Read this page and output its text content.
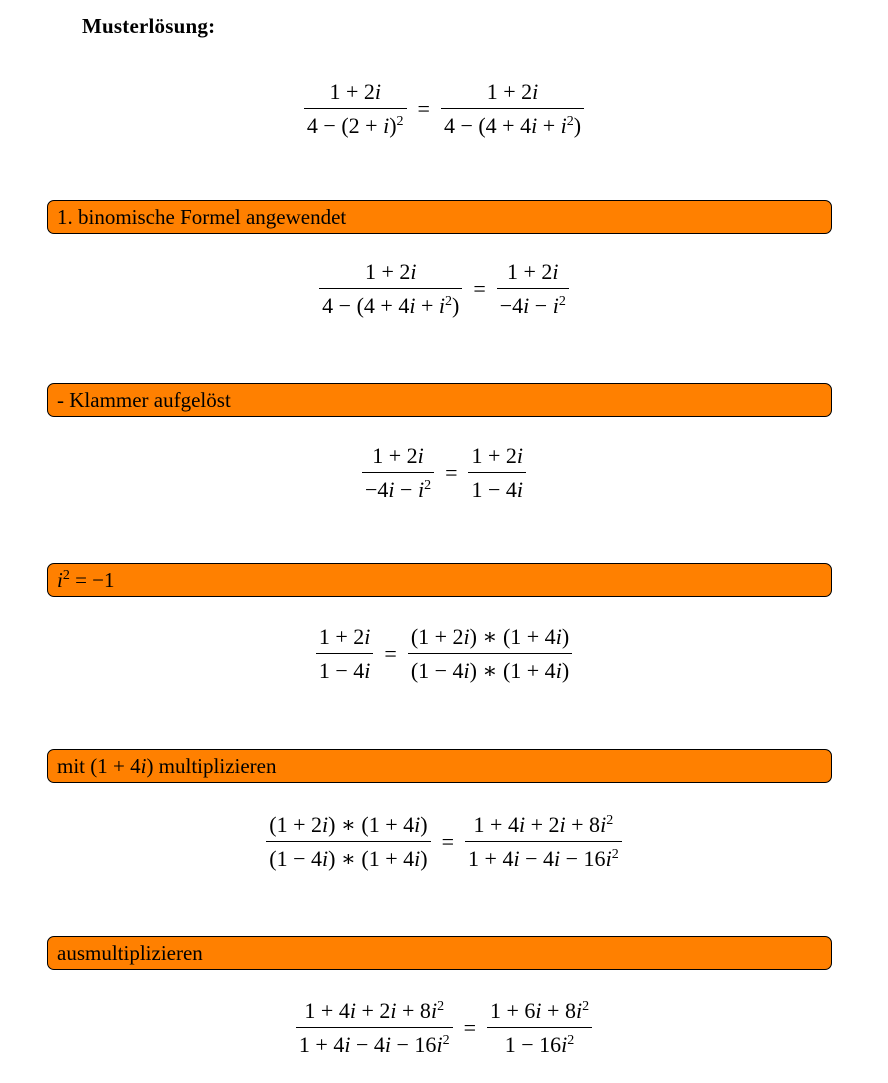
Musterlösung:
$\frac{1 + 2i}{4 - (2 + i)^2} = \frac{1 + 2i}{4 - (4 + 4i + i^2)}$
1. binomische Formel angewendet
$\frac{1 + 2i}{4 - (4 + 4i + i^2)} = \frac{1 + 2i}{-4i - i^2}$
- Klammer aufgelöst
$\frac{1 + 2i}{-4i - i^2} = \frac{1 + 2i}{1 - 4i}$
$i^2 = -1$
$\frac{1 + 2i}{1 - 4i} = \frac{(1 + 2i) ∗ (1 + 4i)}{(1 - 4i) ∗ (1 + 4i)}$
mit (1 + 4i) multiplizieren
$\frac{(1 + 2i) ∗ (1 + 4i)}{(1 - 4i) ∗ (1 + 4i)} = \frac{1 + 4i + 2i + 8i^2}{1 + 4i - 4i - 16i^2}$
ausmultiplizieren
$\frac{1 + 4i + 2i + 8i^2}{1 + 4i - 4i - 16i^2} = \frac{1 + 6i + 8i^2}{1 - 16i^2}$
